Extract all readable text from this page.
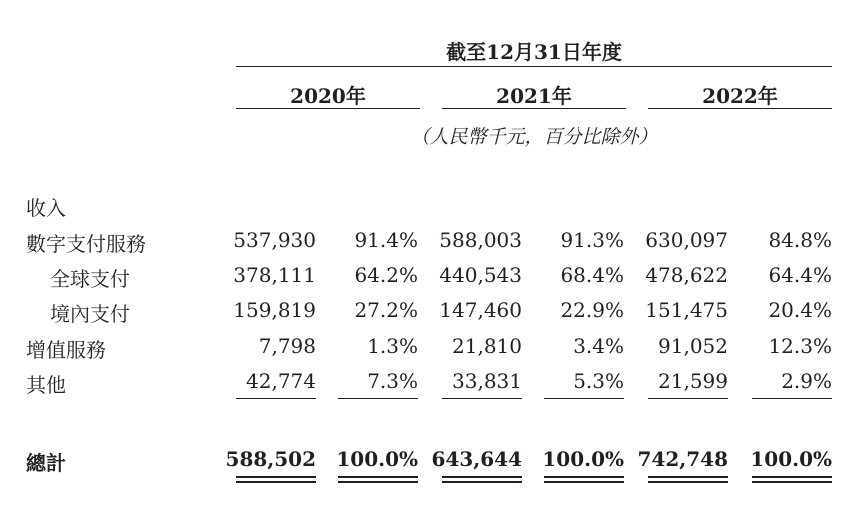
截至12月31日年度
2020年	2021年	2022年
（人民幣千元，百分比除外）
收入
數字支付服務	537,930	91.4%	588,003	91.3%	630,097	84.8%
全球支付	378,111	64.2%	440,543	68.4%	478,622	64.4%
境內支付	159,819	27.2%	147,460	22.9%	151,475	20.4%
增值服務	7,798	1.3%	21,810	3.4%	91,052	12.3%
其他	42,774	7.3%	33,831	5.3%	21,599	2.9%
總計	588,502	100.0% 643,644	100.0% 742,748	100.0%
